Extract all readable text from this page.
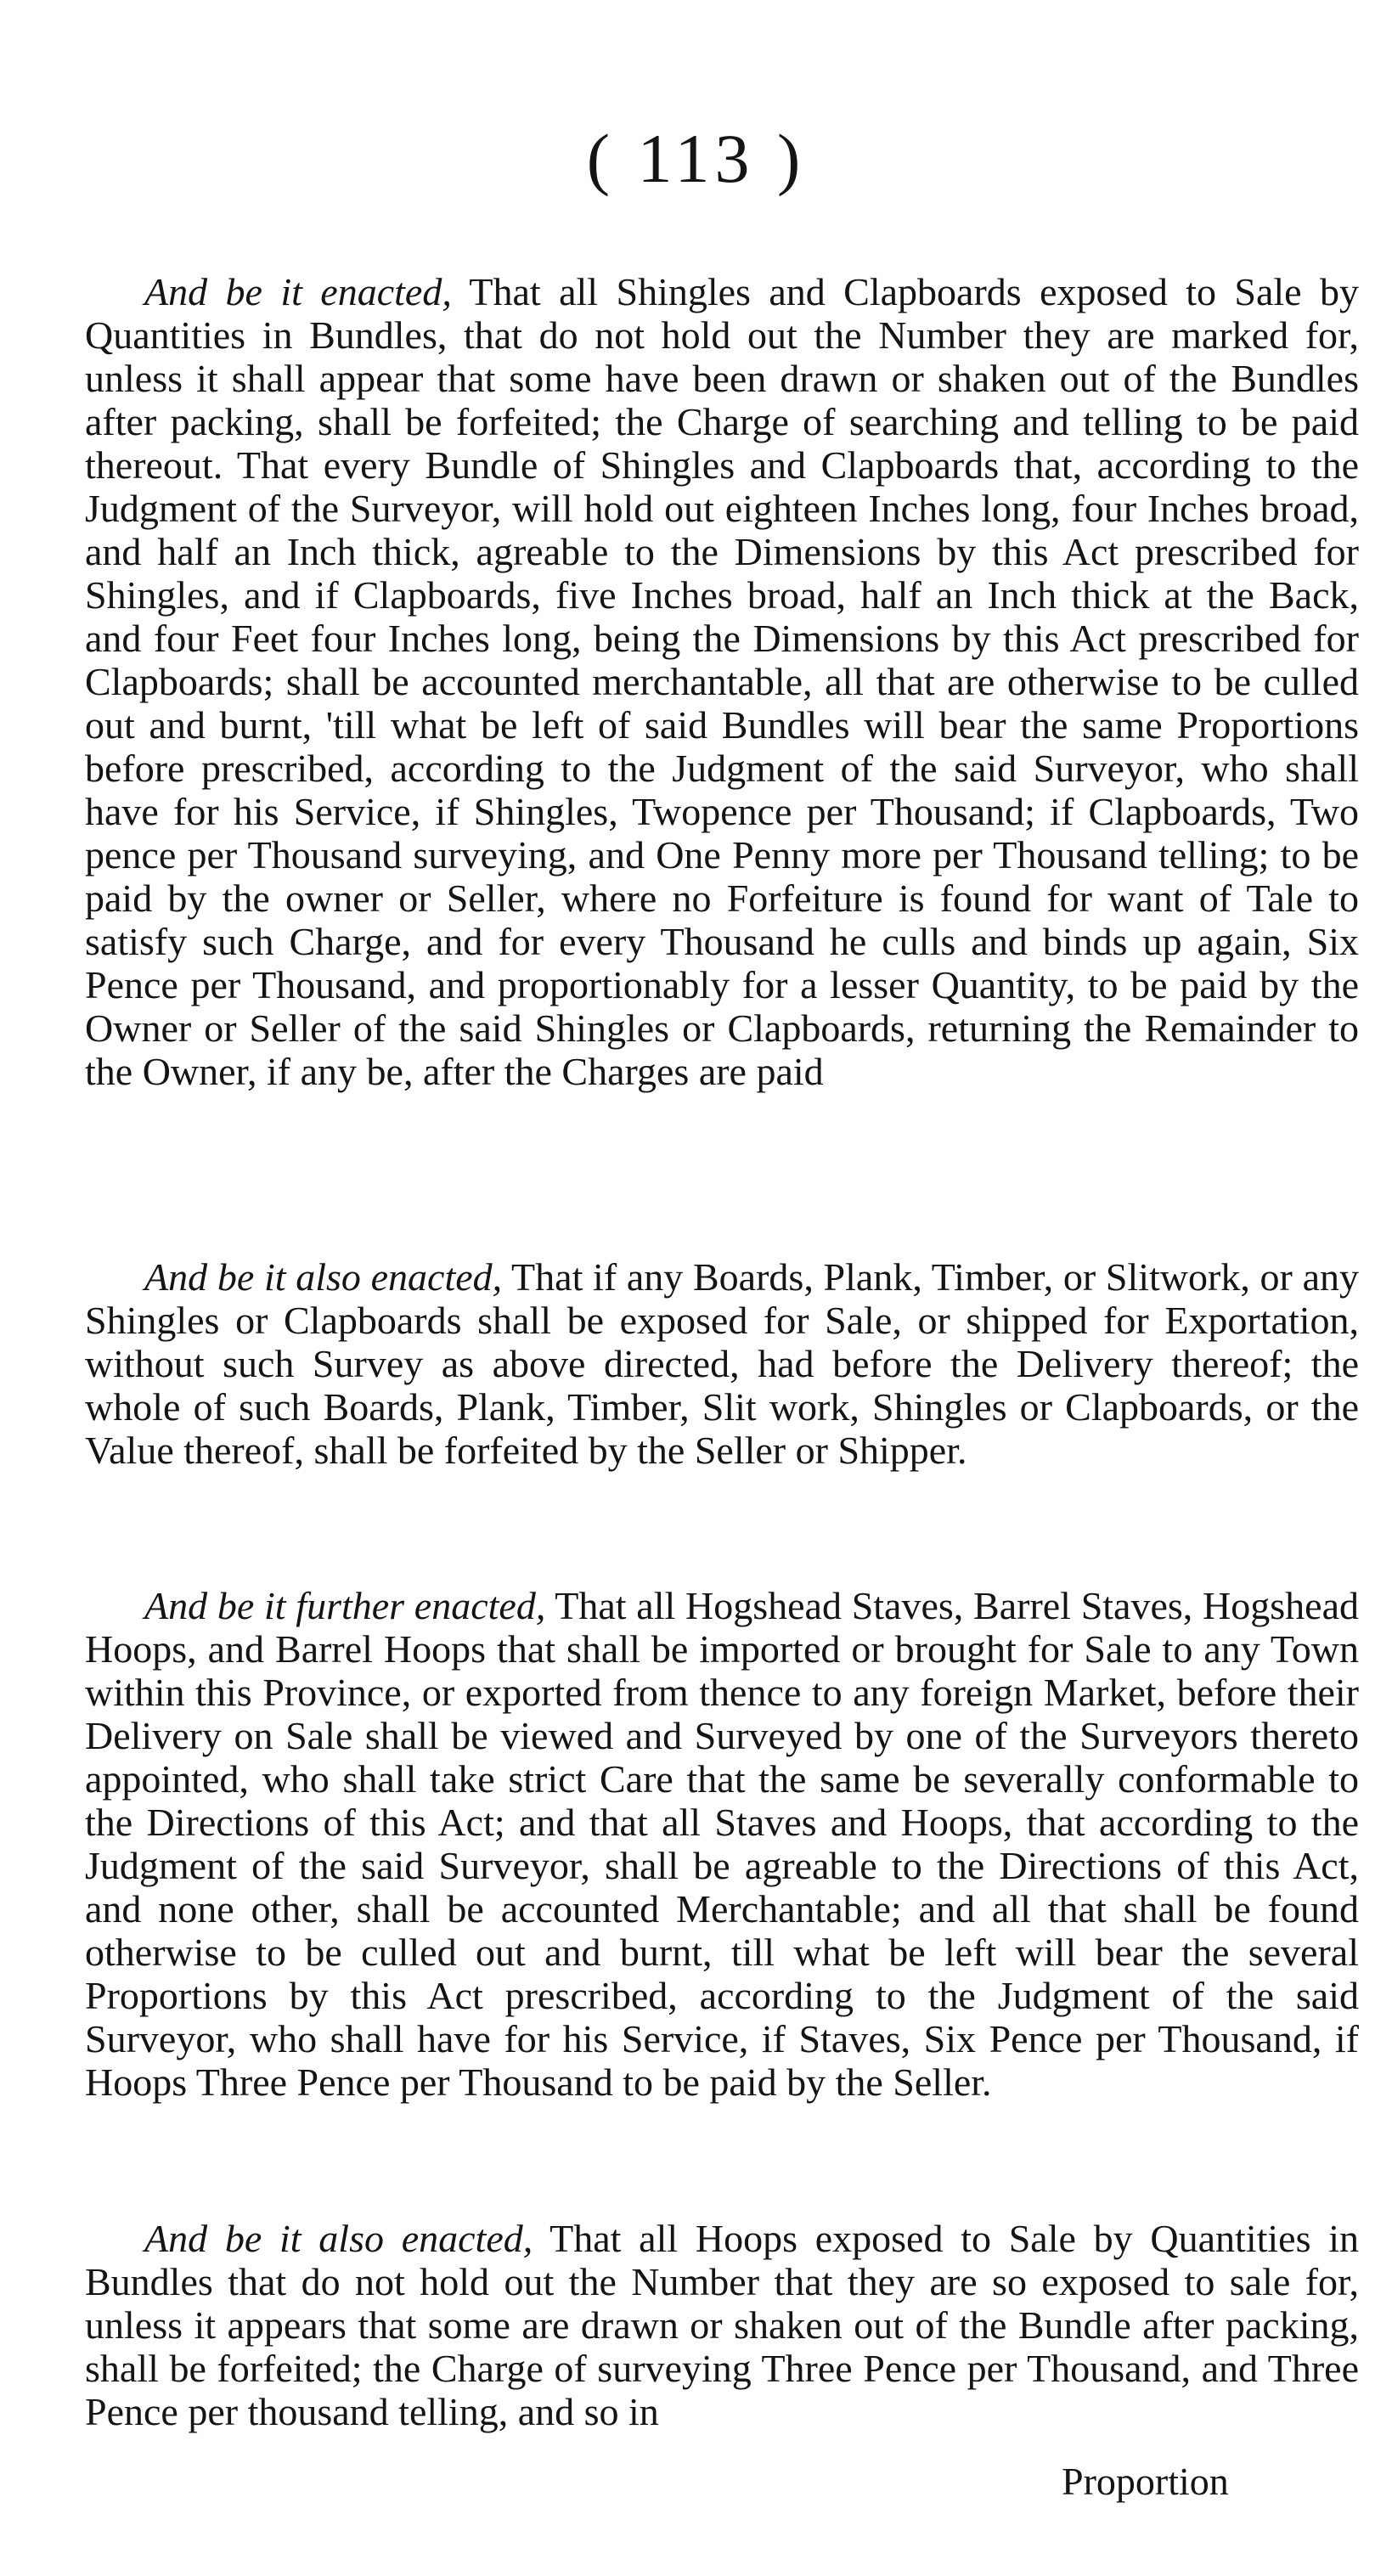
( 113 )

And be it enacted, That all Shingles and Clapboards exposed to Sale by Quantities in Bundles, that do not hold out the Number they are marked for, unless it shall appear that some have been drawn or shaken out of the Bundles after packing, shall be forfeited; the Charge of searching and telling to be paid thereout. That every Bundle of Shingles and Clapboards that, according to the Judgment of the Surveyor, will hold out eighteen Inches long, four Inches broad, and half an Inch thick, agreable to the Dimensions by this Act prescribed for Shingles, and if Clapboards, five Inches broad, half an Inch thick at the Back, and four Feet four Inches long, being the Dimensions by this Act prescribed for Clapboards; shall be accounted merchantable, all that are otherwise to be culled out and burnt, 'till what be left of said Bundles will bear the same Proportions before prescribed, according to the Judgment of the said Surveyor, who shall have for his Service, if Shingles, Twopence per Thousand; if Clapboards, Two pence per Thousand surveying, and One Penny more per Thousand telling; to be paid by the owner or Seller, where no Forfeiture is found for want of Tale to satisfy such Charge, and for every Thousand he culls and binds up again, Six Pence per Thousand, and proportionably for a lesser Quantity, to be paid by the Owner or Seller of the said Shingles or Clapboards, returning the Remainder to the Owner, if any be, after the Charges are paid

And be it also enacted, That if any Boards, Plank, Timber, or Slitwork, or any Shingles or Clapboards shall be exposed for Sale, or shipped for Exportation, without such Survey as above directed, had before the Delivery thereof; the whole of such Boards, Plank, Timber, Slit work, Shingles or Clapboards, or the Value thereof, shall be forfeited by the Seller or Shipper.

And be it further enacted, That all Hogshead Staves, Barrel Staves, Hogshead Hoops, and Barrel Hoops that shall be imported or brought for Sale to any Town within this Province, or exported from thence to any foreign Market, before their Delivery on Sale shall be viewed and Surveyed by one of the Surveyors thereto appointed, who shall take strict Care that the same be severally conformable to the Directions of this Act; and that all Staves and Hoops, that according to the Judgment of the said Surveyor, shall be agreable to the Directions of this Act, and none other, shall be accounted Merchantable; and all that shall be found otherwise to be culled out and burnt, till what be left will bear the several Proportions by this Act prescribed, according to the Judgment of the said Surveyor, who shall have for his Service, if Staves, Six Pence per Thousand, if Hoops Three Pence per Thousand to be paid by the Seller.

And be it also enacted, That all Hoops exposed to Sale by Quantities in Bundles that do not hold out the Number that they are so exposed to sale for, unless it appears that some are drawn or shaken out of the Bundle after packing, shall be forfeited; the Charge of surveying Three Pence per Thousand, and Three Pence per thousand telling, and so in

Proportion
